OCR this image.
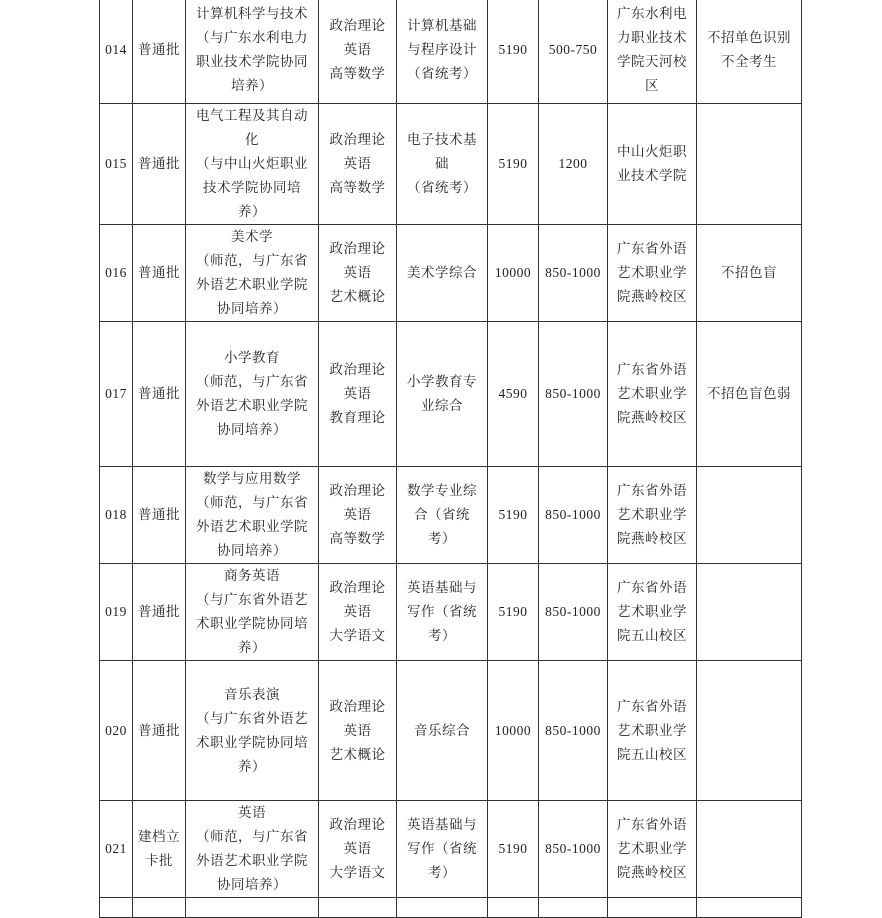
014	普通批	计算机科学与技术
（与广东水利电力
职业技术学院协同
培养）	政治理论
英语
高等数学	计算机基础
与程序设计
（省统考）	5190	500-750	广东水利电
力职业技术
学院天河校
区	不招单色识别
不全考生

015	普通批	电气工程及其自动
化
（与中山火炬职业
技术学院协同培
养）	政治理论
英语
高等数学	电子技术基
础
（省统考）	5190	1200	中山火炬职
业技术学院	

016	普通批	美术学
（师范，与广东省
外语艺术职业学院
协同培养）	政治理论
英语
艺术概论	美术学综合	10000	850-1000	广东省外语
艺术职业学
院燕岭校区	不招色盲

017	普通批	小学教育
（师范，与广东省
外语艺术职业学院
协同培养）	政治理论
英语
教育理论	小学教育专
业综合	4590	850-1000	广东省外语
艺术职业学
院燕岭校区	不招色盲色弱

018	普通批	数学与应用数学
（师范，与广东省
外语艺术职业学院
协同培养）	政治理论
英语
高等数学	数学专业综
合（省统
考）	5190	850-1000	广东省外语
艺术职业学
院燕岭校区	

019	普通批	商务英语
（与广东省外语艺
术职业学院协同培
养）	政治理论
英语
大学语文	英语基础与
写作（省统
考）	5190	850-1000	广东省外语
艺术职业学
院五山校区	

020	普通批	音乐表演
（与广东省外语艺
术职业学院协同培
养）	政治理论
英语
艺术概论	音乐综合	10000	850-1000	广东省外语
艺术职业学
院五山校区	

021	建档立
卡批	英语
（师范，与广东省
外语艺术职业学院
协同培养）	政治理论
英语
大学语文	英语基础与
写作（省统
考）	5190	850-1000	广东省外语
艺术职业学
院燕岭校区	
